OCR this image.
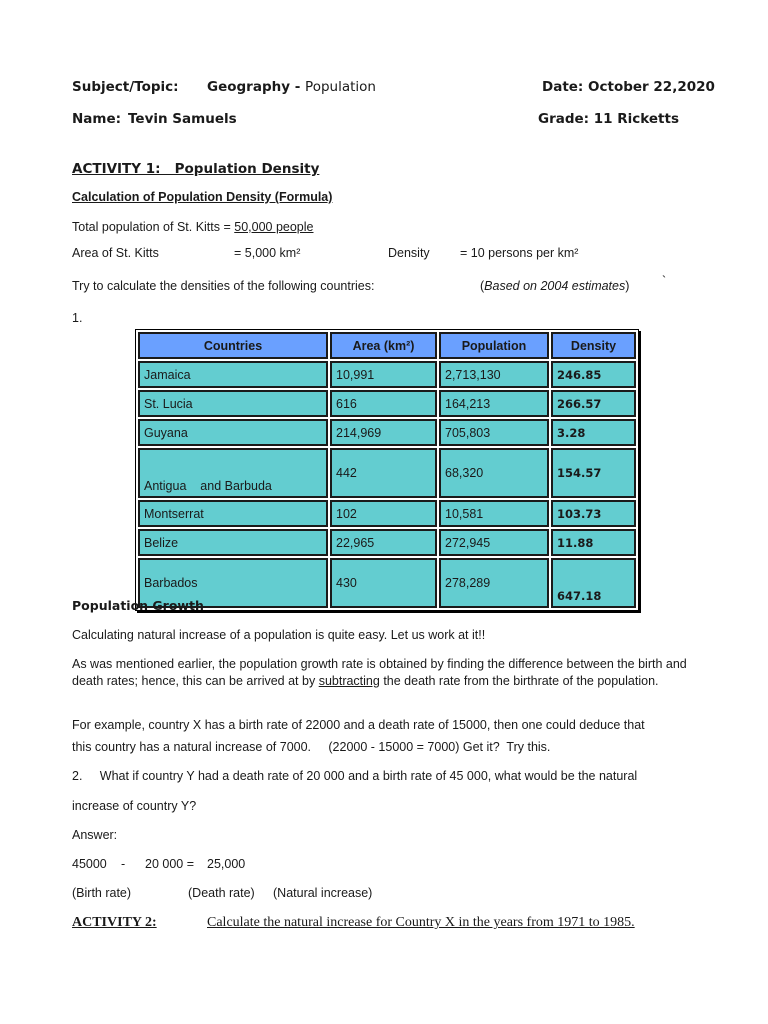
Subject/Topic: Geography - Population	Date: October 22,2020
Name: Tevin Samuels	Grade: 11 Ricketts
ACTIVITY 1:   Population Density
Calculation of Population Density (Formula)
Total population of St. Kitts = 50,000 people
Area of St. Kitts	= 5,000 km²	Density = 10 persons per km²
Try to calculate the densities of the following countries:	(Based on 2004 estimates)	`
1.
Countries	Area (km²)	Population	Density
Jamaica	10,991	2,713,130	246.85
St. Lucia	616	164,213	266.57
Guyana	214,969	705,803	3.28
Antigua    and Barbuda	442	68,320	154.57
Montserrat	102	10,581	103.73
Belize	22,965	272,945	11.88
Barbados	430	278,289	647.18
Population Growth
Calculating natural increase of a population is quite easy. Let us work at it!!
As was mentioned earlier, the population growth rate is obtained by finding the difference between the birth and death rates; hence, this can be arrived at by subtracting the death rate from the birthrate of the population.
For example, country X has a birth rate of 22000 and a death rate of 15000, then one could deduce that
this country has a natural increase of 7000.     (22000 - 15000 = 7000) Get it?  Try this.
2.     What if country Y had a death rate of 20 000 and a birth rate of 45 000, what would be the natural
increase of country Y?
Answer:
45000 - 20 000 = 25,000
(Birth rate)	(Death rate) (Natural increase)
ACTIVITY 2:	Calculate the natural increase for Country X in the years from 1971 to 1985.
